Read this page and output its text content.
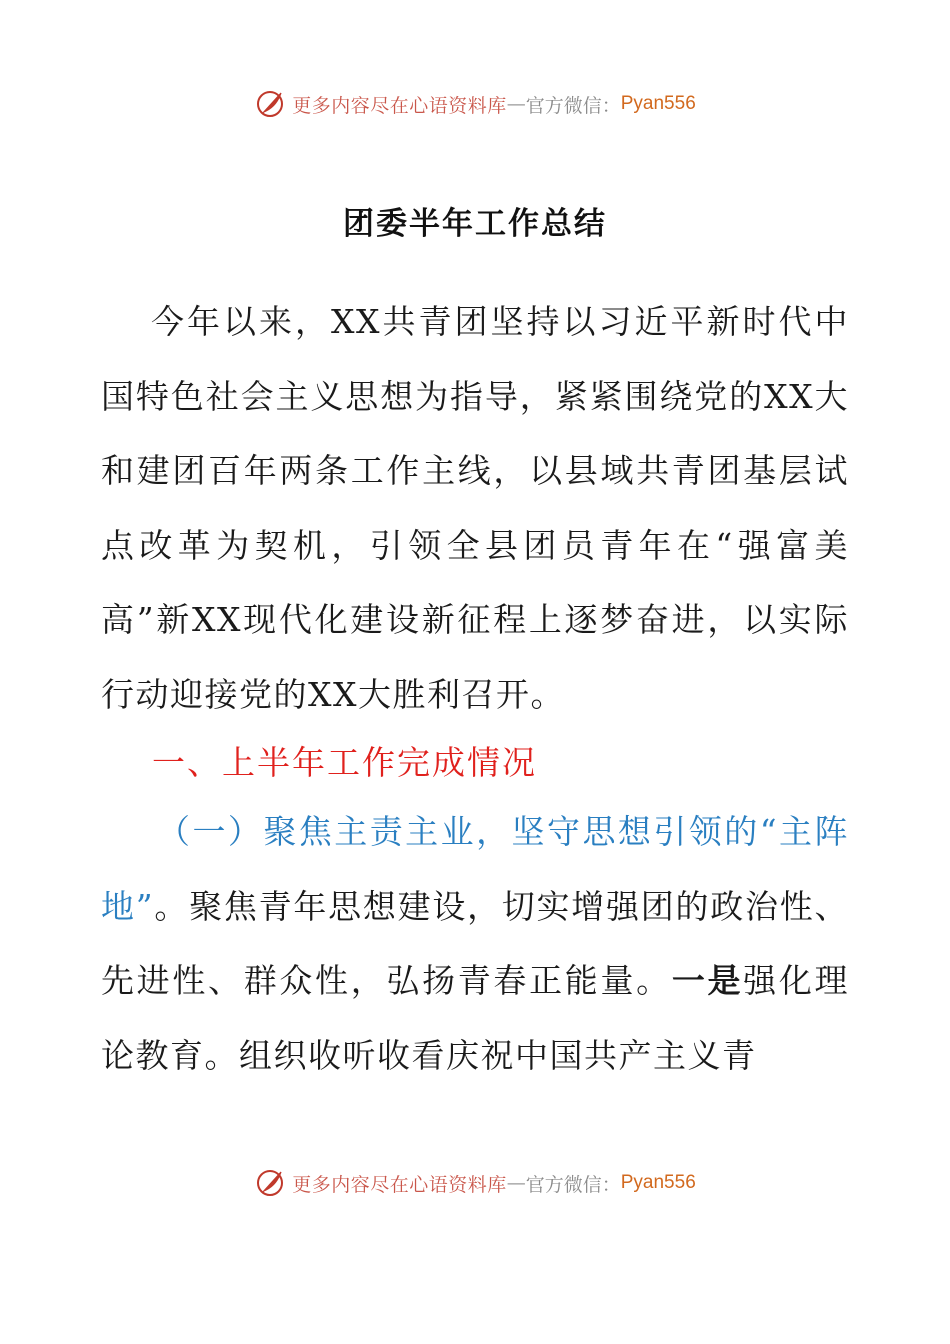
更多内容尽在心语资料库 — 官方微信： Pyan556
团委半年工作总结
今年以来，XX共青团坚持以习近平新时代中国特色社会主义思想为指导，紧紧围绕党的XX大和建团百年两条工作主线，以县域共青团基层试点改革为契机，引领全县团员青年在“强富美高”新XX现代化建设新征程上逐梦奋进，以实际行动迎接党的XX大胜利召开。
一、上半年工作完成情况
（一）聚焦主责主业，坚守思想引领的“主阵地”。聚焦青年思想建设，切实增强团的政治性、先进性、群众性，弘扬青春正能量。一是强化理论教育。组织收听收看庆祝中国共产主义青
更多内容尽在心语资料库 — 官方微信： Pyan556
